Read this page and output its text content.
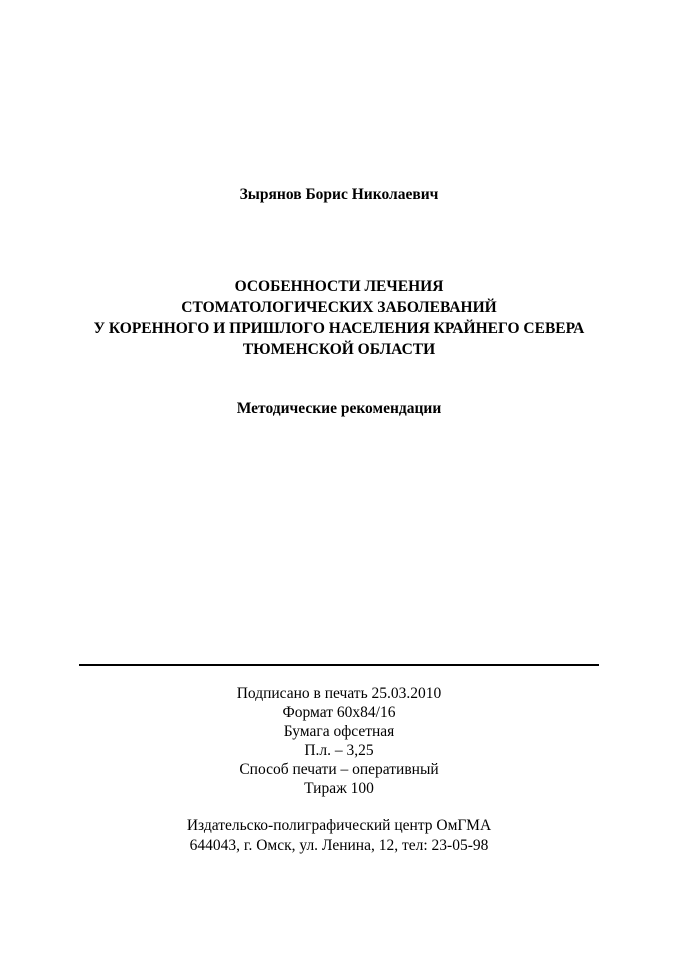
Зырянов Борис Николаевич
ОСОБЕННОСТИ ЛЕЧЕНИЯ
СТОМАТОЛОГИЧЕСКИХ ЗАБОЛЕВАНИЙ
У КОРЕННОГО И ПРИШЛОГО НАСЕЛЕНИЯ КРАЙНЕГО СЕВЕРА
ТЮМЕНСКОЙ ОБЛАСТИ
Методические рекомендации
Подписано в печать 25.03.2010
Формат 60х84/16
Бумага офсетная
П.л. – 3,25
Способ печати – оперативный
Тираж 100
Издательско-полиграфический центр ОмГМА
644043, г. Омск, ул. Ленина, 12, тел: 23-05-98
